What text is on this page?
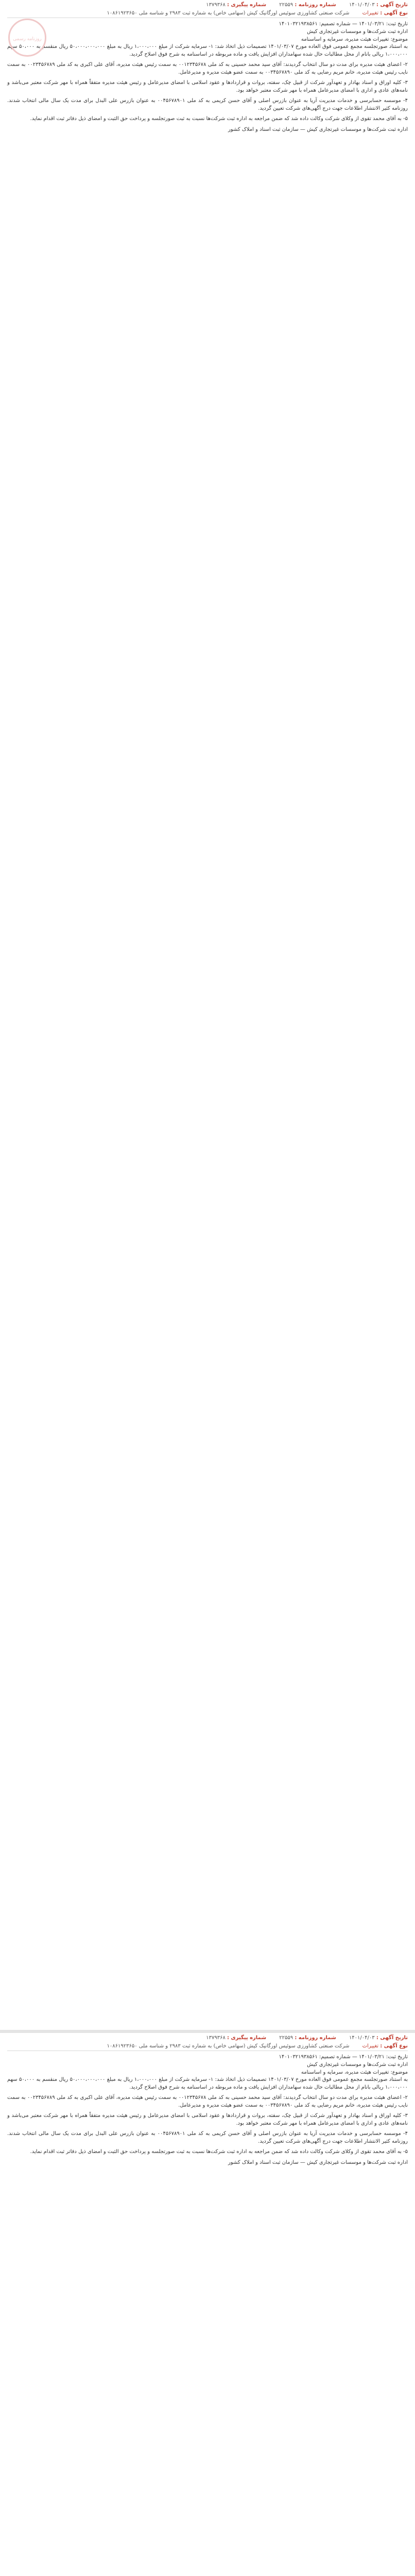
تاریخ آگهی : ۱۴۰۱/۰۴/۰۳ شماره روزنامه : ۲۲۵۵۹ شماره پیگیری : ۱۳۷۹۳۶۸
نوع آگهی : تغییرات شرکت صنعتی کشاورزی سوئیس اورگانیک کیش (سهامی خاص) به شماره ثبت ۲۹۸۳ و شناسه ملی ۱۰۸۶۱۹۲۳۶۵۰
تاریخ ثبت: ۱۴۰۱/۰۳/۲۱ — شماره تصمیم: ۱۴۰۱۰۳۲۱۹۳۸۵۶۱
اداره ثبت شرکت‌ها و موسسات غیرتجاری کیش
موضوع: تغییرات هیئت مدیره، سرمایه و اساسنامه

به استناد صورتجلسه مجمع عمومی فوق العاده مورخ ۱۴۰۱/۰۳/۰۷ تصمیمات ذیل اتخاذ شد: ۱- سرمایه شرکت از مبلغ ۱،۰۰۰،۰۰۰ ریال به مبلغ ۵۰،۰۰۰،۰۰۰،۰۰۰ ریال منقسم به ۵۰،۰۰۰ سهم ۱،۰۰۰،۰۰۰ ریالی بانام از محل مطالبات حال شده سهامداران افزایش یافت و ماده مربوطه در اساسنامه به شرح فوق اصلاح گردید.

۲- اعضای هیئت مدیره برای مدت دو سال انتخاب گردیدند: آقای سید محمد حسینی به کد ملی ۰۰۱۲۳۴۵۶۷۸ به سمت رئیس هیئت مدیره، آقای علی اکبری به کد ملی ۰۰۲۳۴۵۶۷۸۹ به سمت نایب رئیس هیئت مدیره، خانم مریم رضایی به کد ملی ۰۰۳۴۵۶۷۸۹۰ به سمت عضو هیئت مدیره و مدیرعامل.

۳- کلیه اوراق و اسناد بهادار و تعهدآور شرکت از قبیل چک، سفته، بروات و قراردادها و عقود اسلامی با امضای مدیرعامل و رئیس هیئت مدیره متفقاً همراه با مهر شرکت معتبر می‌باشد و نامه‌های عادی و اداری با امضای مدیرعامل همراه با مهر شرکت معتبر خواهد بود.

۴- موسسه حسابرسی و خدمات مدیریت آریا به عنوان بازرس اصلی و آقای حسن کریمی به کد ملی ۰۰۴۵۶۷۸۹۰۱ به عنوان بازرس علی البدل برای مدت یک سال مالی انتخاب شدند. روزنامه کثیر الانتشار اطلاعات جهت درج آگهی‌های شرکت تعیین گردید.

۵- به آقای محمد تقوی از وکلای شرکت وکالت داده شد که ضمن مراجعه به اداره ثبت شرکت‌ها نسبت به ثبت صورتجلسه و پرداخت حق الثبت و امضای ذیل دفاتر ثبت اقدام نماید.

اداره ثبت شرکت‌ها و موسسات غیرتجاری کیش — سازمان ثبت اسناد و املاک کشور

روزنامه رسمی
تاریخ آگهی : ۱۴۰۱/۰۴/۰۳ شماره روزنامه : ۲۲۵۵۹ شماره پیگیری : ۱۳۷۹۳۶۸
نوع آگهی : تغییرات شرکت صنعتی کشاورزی سوئیس اورگانیک کیش (سهامی خاص) به شماره ثبت ۲۹۸۳ و شناسه ملی ۱۰۸۶۱۹۲۳۶۵۰
تاریخ ثبت: ۱۴۰۱/۰۳/۲۱ — شماره تصمیم: ۱۴۰۱۰۳۲۱۹۳۸۵۶۱
اداره ثبت شرکت‌ها و موسسات غیرتجاری کیش
موضوع: تغییرات هیئت مدیره، سرمایه و اساسنامه

به استناد صورتجلسه مجمع عمومی فوق العاده مورخ ۱۴۰۱/۰۳/۰۷ تصمیمات ذیل اتخاذ شد: ۱- سرمایه شرکت از مبلغ ۱،۰۰۰،۰۰۰ ریال به مبلغ ۵۰،۰۰۰،۰۰۰،۰۰۰ ریال منقسم به ۵۰،۰۰۰ سهم ۱،۰۰۰،۰۰۰ ریالی بانام از محل مطالبات حال شده سهامداران افزایش یافت و ماده مربوطه در اساسنامه به شرح فوق اصلاح گردید.

۲- اعضای هیئت مدیره برای مدت دو سال انتخاب گردیدند: آقای سید محمد حسینی به کد ملی ۰۰۱۲۳۴۵۶۷۸ به سمت رئیس هیئت مدیره، آقای علی اکبری به کد ملی ۰۰۲۳۴۵۶۷۸۹ به سمت نایب رئیس هیئت مدیره، خانم مریم رضایی به کد ملی ۰۰۳۴۵۶۷۸۹۰ به سمت عضو هیئت مدیره و مدیرعامل.

۳- کلیه اوراق و اسناد بهادار و تعهدآور شرکت از قبیل چک، سفته، بروات و قراردادها و عقود اسلامی با امضای مدیرعامل و رئیس هیئت مدیره متفقاً همراه با مهر شرکت معتبر می‌باشد و نامه‌های عادی و اداری با امضای مدیرعامل همراه با مهر شرکت معتبر خواهد بود.

۴- موسسه حسابرسی و خدمات مدیریت آریا به عنوان بازرس اصلی و آقای حسن کریمی به کد ملی ۰۰۴۵۶۷۸۹۰۱ به عنوان بازرس علی البدل برای مدت یک سال مالی انتخاب شدند. روزنامه کثیر الانتشار اطلاعات جهت درج آگهی‌های شرکت تعیین گردید.

۵- به آقای محمد تقوی از وکلای شرکت وکالت داده شد که ضمن مراجعه به اداره ثبت شرکت‌ها نسبت به ثبت صورتجلسه و پرداخت حق الثبت و امضای ذیل دفاتر ثبت اقدام نماید.

اداره ثبت شرکت‌ها و موسسات غیرتجاری کیش — سازمان ثبت اسناد و املاک کشور
